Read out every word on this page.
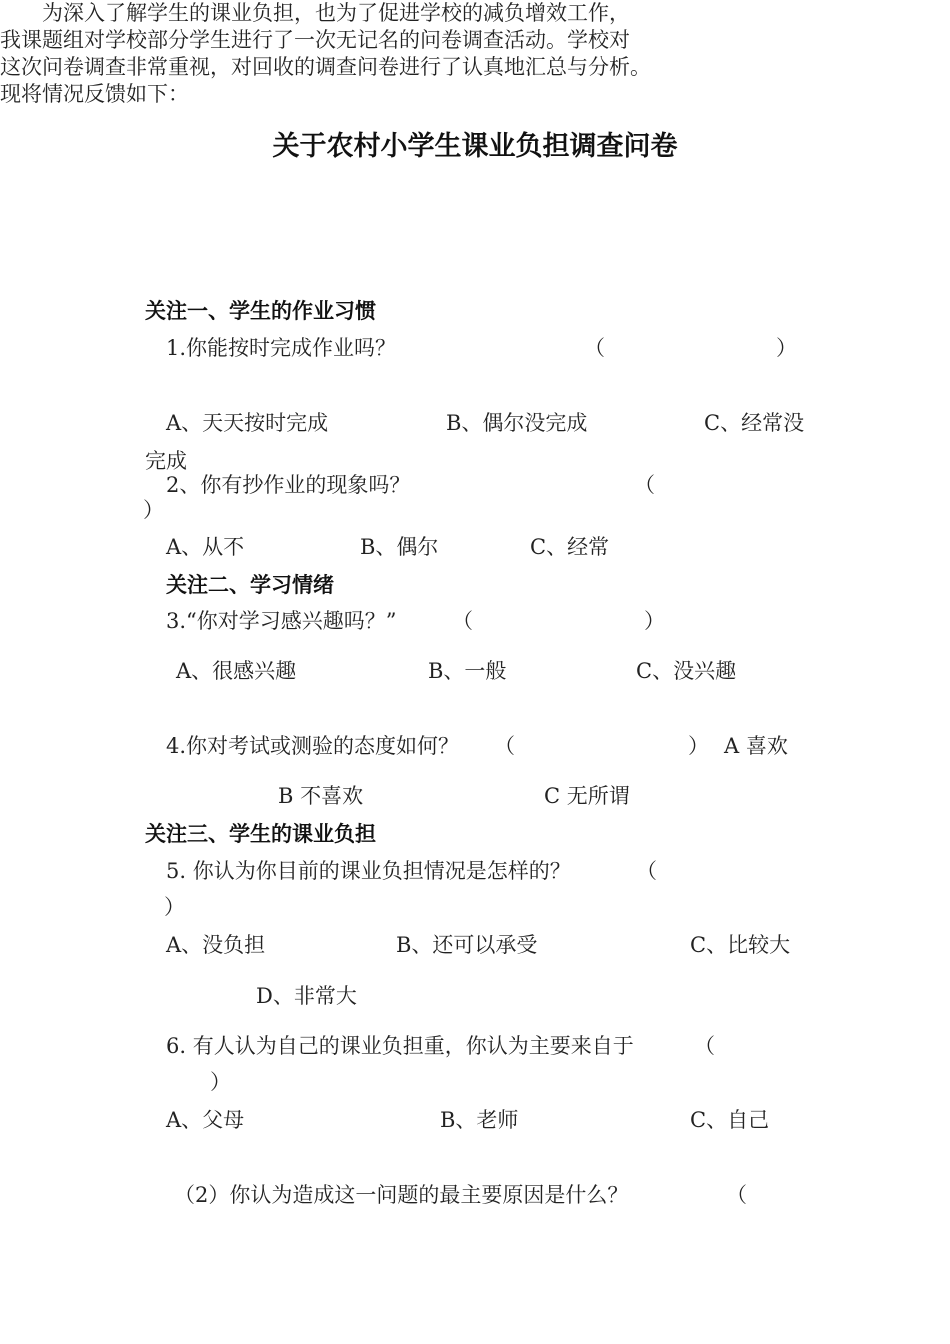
关于农村小学生课业负担调查问卷

为深入了解学生的课业负担，也为了促进学校的减负增效工作，

我课题组对学校部分学生进行了一次无记名的问卷调查活动。学校对

这次问卷调查非常重视，对回收的调查问卷进行了认真地汇总与分析。

现将情况反馈如下：

关注一、学生的作业习惯
1.你能按时完成作业吗？	（	）
A、天天按时完成	B、偶尔没完成	C、经常没
完成
2、你有抄作业的现象吗？	（
）
A、从不	B、偶尔	C、经常
关注二、学习情绪
3.“你对学习感兴趣吗？”	（	）
A、很感兴趣	B、一般	C、没兴趣
4.你对考试或测验的态度如何？ （	） A 喜欢
B 不喜欢	C 无所谓
关注三、学生的课业负担
5. 你认为你目前的课业负担情况是怎样的？	（
）
A、没负担	B、还可以承受	C、比较大
D、非常大
6. 有人认为自己的课业负担重，你认为主要来自于	（
）
A、父母	B、老师	C、自己
（2）你认为造成这一问题的最主要原因是什么？	（
